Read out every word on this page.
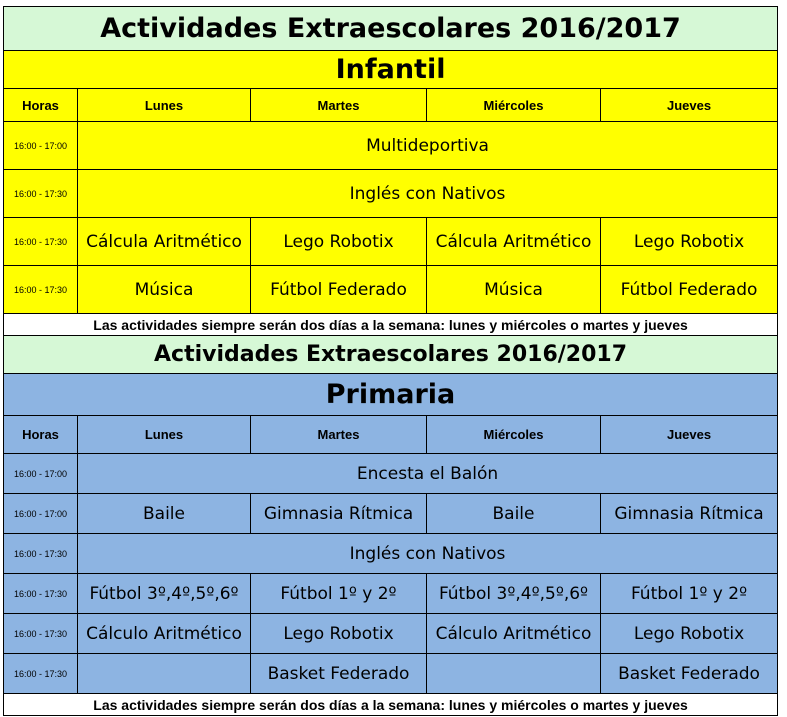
Actividades Extraescolares 2016/2017				
Infantil				
Horas	Lunes	Martes	Miércoles	Jueves
16:00 - 17:00	Multideportiva			
16:00 - 17:30	Inglés con Nativos			
16:00 - 17:30	Cálcula Aritmético	Lego Robotix	Cálcula Aritmético	Lego Robotix
16:00 - 17:30	Música	Fútbol Federado	Música	Fútbol Federado
Las actividades siempre serán dos días a la semana: lunes y miércoles o martes y jueves				
Actividades Extraescolares 2016/2017				
Primaria				
Horas	Lunes	Martes	Miércoles	Jueves
16:00 - 17:00	Encesta el Balón			
16:00 - 17:00	Baile	Gimnasia Rítmica	Baile	Gimnasia Rítmica
16:00 - 17:30	Inglés con Nativos			
16:00 - 17:30	Fútbol 3º,4º,5º,6º	Fútbol 1º y 2º	Fútbol 3º,4º,5º,6º	Fútbol 1º y 2º
16:00 - 17:30	Cálculo Aritmético	Lego Robotix	Cálculo Aritmético	Lego Robotix
16:00 - 17:30		Basket Federado		Basket Federado
Las actividades siempre serán dos días a la semana: lunes y miércoles o martes y jueves				
